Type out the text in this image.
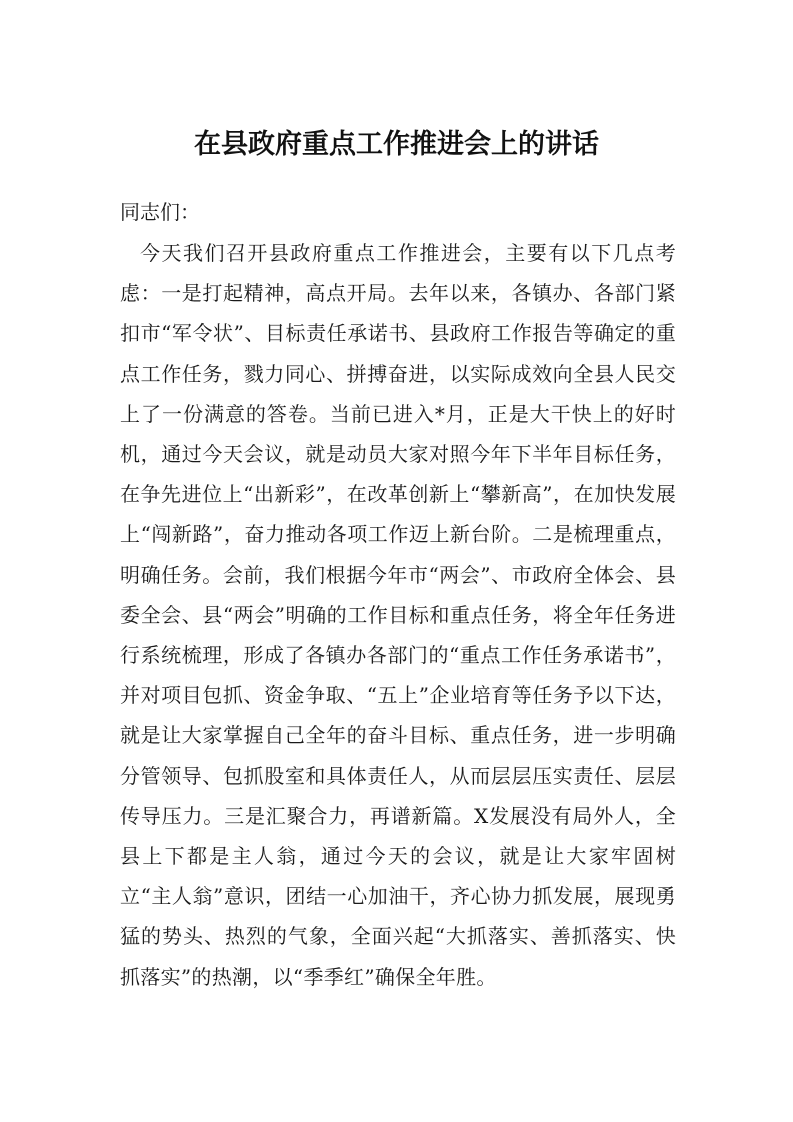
在县政府重点工作推进会上的讲话

同志们：

今天我们召开县政府重点工作推进会，主要有以下几点考虑：一是打起精神，高点开局。去年以来，各镇办、各部门紧扣市“军令状”、目标责任承诺书、县政府工作报告等确定的重点工作任务，戮力同心、拼搏奋进，以实际成效向全县人民交上了一份满意的答卷。当前已进入*月，正是大干快上的好时机，通过今天会议，就是动员大家对照今年下半年目标任务，在争先进位上“出新彩”，在改革创新上“攀新高”，在加快发展上“闯新路”，奋力推动各项工作迈上新台阶。二是梳理重点，明确任务。会前，我们根据今年市“两会”、市政府全体会、县委全会、县“两会”明确的工作目标和重点任务，将全年任务进行系统梳理，形成了各镇办各部门的“重点工作任务承诺书”，并对项目包抓、资金争取、“五上”企业培育等任务予以下达，就是让大家掌握自己全年的奋斗目标、重点任务，进一步明确分管领导、包抓股室和具体责任人，从而层层压实责任、层层传导压力。三是汇聚合力，再谱新篇。X发展没有局外人，全县上下都是主人翁，通过今天的会议，就是让大家牢固树立“主人翁”意识，团结一心加油干，齐心协力抓发展，展现勇猛的势头、热烈的气象，全面兴起“大抓落实、善抓落实、快抓落实”的热潮，以“季季红”确保全年胜。
